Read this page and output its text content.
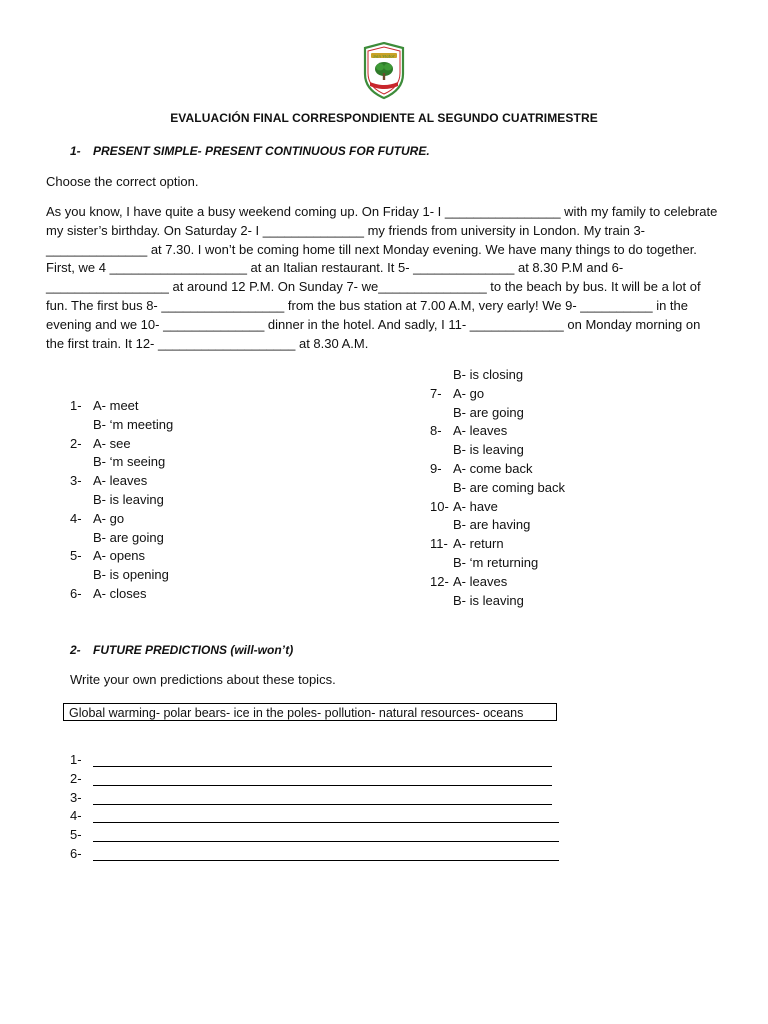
San Viator
EVALUACIÓN FINAL CORRESPONDIENTE AL SEGUNDO CUATRIMESTRE
1- PRESENT SIMPLE- PRESENT CONTINUOUS FOR FUTURE.
Choose the correct option.
As you know, I have quite a busy weekend coming up. On Friday 1- I ________________ with my family to celebrate
my sister’s birthday. On Saturday 2- I ______________ my friends from university in London. My train 3-
______________ at 7.30. I won’t be coming home till next Monday evening. We have many things to do together.
First, we 4 ___________________ at an Italian restaurant. It 5- ______________ at 8.30 P.M and 6-
_________________ at around 12 P.M. On Sunday 7- we_______________ to the beach by bus. It will be a lot of
fun. The first bus 8- _________________ from the bus station at 7.00 A.M, very early! We 9- __________ in the
evening and we 10- ______________ dinner in the hotel. And sadly, I 11- _____________ on Monday morning on
the first train. It 12- ___________________ at 8.30 A.M.
1- A- meet
B- ‘m meeting
2- A- see
B- ‘m seeing
3- A- leaves
B- is leaving
4- A- go
B- are going
5- A- opens
B- is opening
6- A- closes
B- is closing
7- A- go
B- are going
8- A- leaves
B- is leaving
9- A- come back
B- are coming back
10- A- have
B- are having
11- A- return
B- ‘m returning
12- A- leaves
B- is leaving
2- FUTURE PREDICTIONS (will-won’t)
Write your own predictions about these topics.
Global warming- polar bears- ice in the poles- pollution- natural resources- oceans
1-
2-
3-
4-
5-
6-
